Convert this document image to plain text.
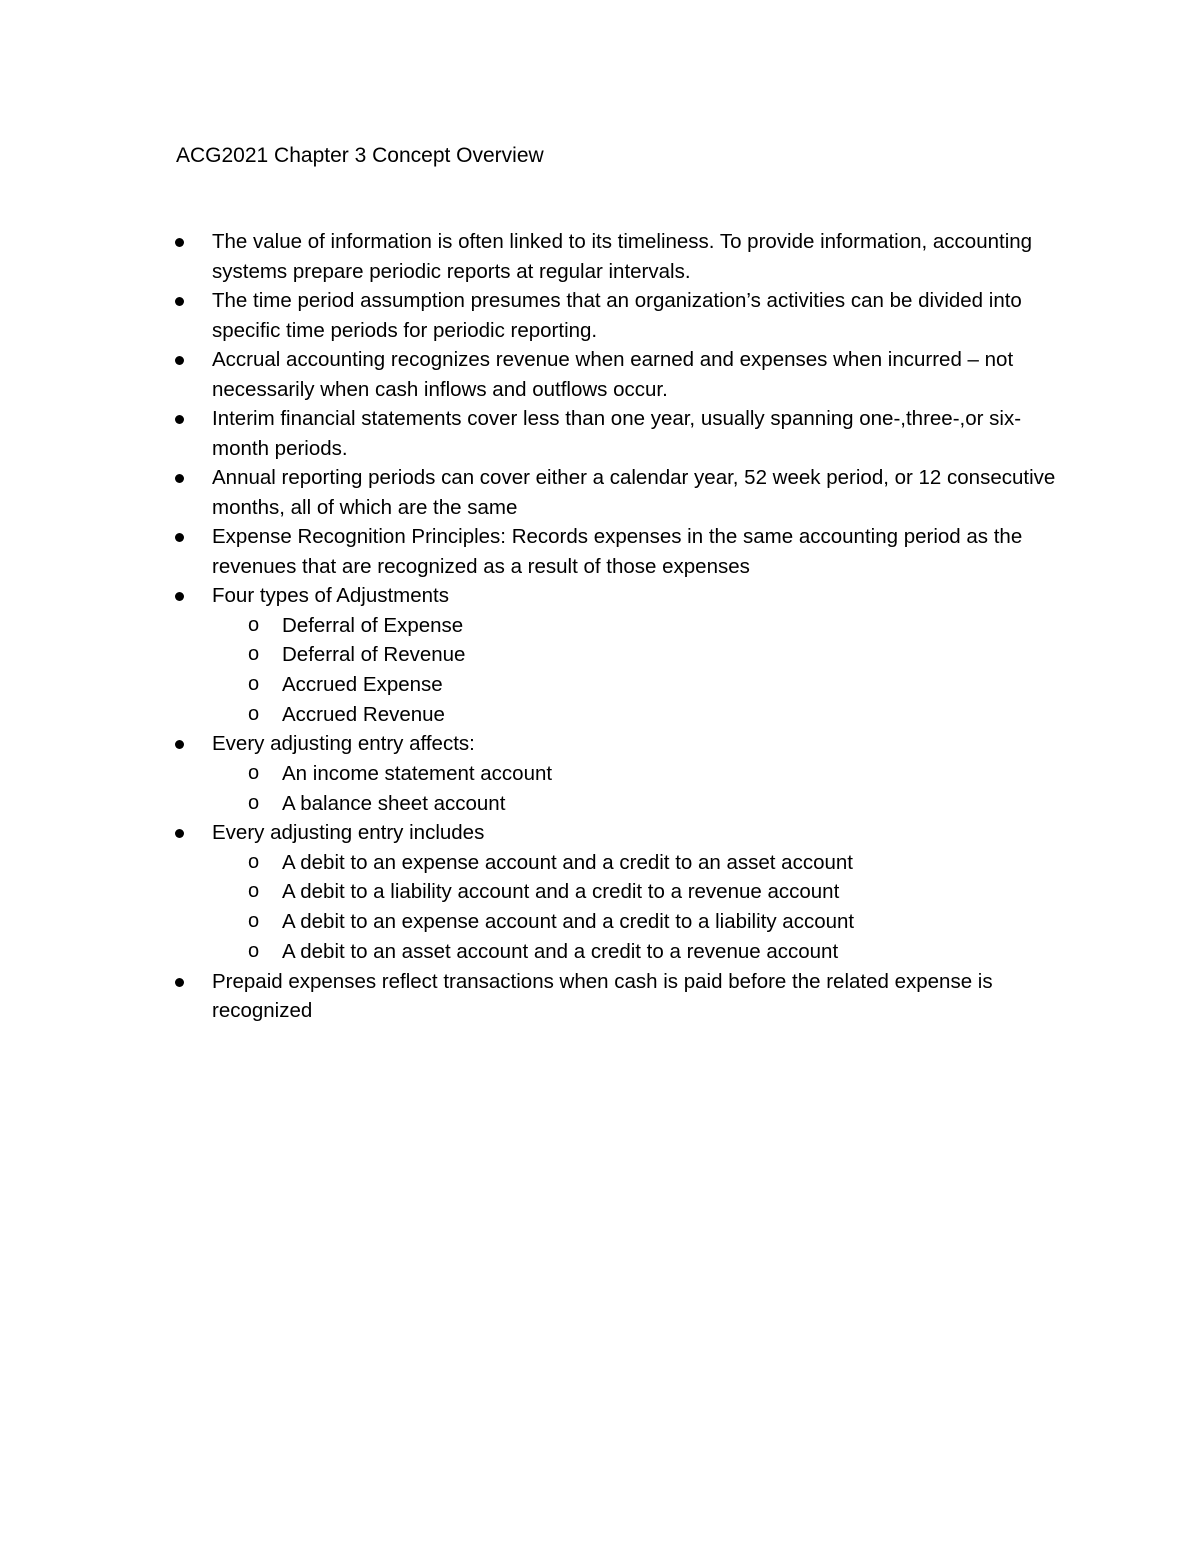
ACG2021 Chapter 3 Concept Overview
The value of information is often linked to its timeliness. To provide information, accounting systems prepare periodic reports at regular intervals.
The time period assumption presumes that an organization’s activities can be divided into specific time periods for periodic reporting.
Accrual accounting recognizes revenue when earned and expenses when incurred – not necessarily when cash inflows and outflows occur.
Interim financial statements cover less than one year, usually spanning one-,three-,or six-month periods.
Annual reporting periods can cover either a calendar year, 52 week period, or 12 consecutive months, all of which are the same
Expense Recognition Principles: Records expenses in the same accounting period as the revenues that are recognized as a result of those expenses
Four types of Adjustments
o Deferral of Expense
o Deferral of Revenue
o Accrued Expense
o Accrued Revenue
Every adjusting entry affects:
o An income statement account
o A balance sheet account
Every adjusting entry includes
o A debit to an expense account and a credit to an asset account
o A debit to a liability account and a credit to a revenue account
o A debit to an expense account and a credit to a liability account
o A debit to an asset account and a credit to a revenue account
Prepaid expenses reflect transactions when cash is paid before the related expense is recognized
